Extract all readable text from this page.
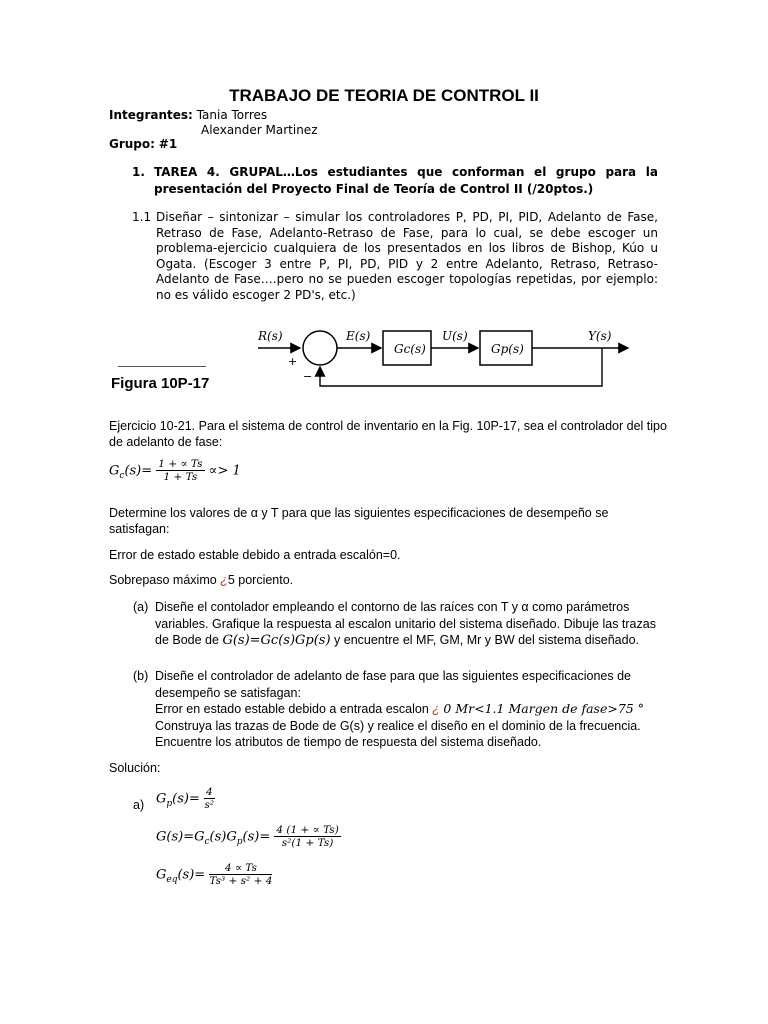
TRABAJO DE TEORIA DE CONTROL II
Integrantes: Tania Torres
Alexander Martinez
Grupo: #1
1. TAREA 4. GRUPAL…Los estudiantes que conforman el grupo para la presentación del Proyecto Final de Teoría de Control II (/20ptos.)
1.1 Diseñar – sintonizar – simular los controladores P, PD, PI, PID, Adelanto de Fase, Retraso de Fase, Adelanto-Retraso de Fase, para lo cual, se debe escoger un problema-ejercicio cualquiera de los presentados en los libros de Bishop, Kúo u Ogata. (Escoger 3 entre P, PI, PD, PID y 2 entre Adelanto, Retraso, Retraso-Adelanto de Fase….pero no se pueden escoger topologías repetidas, por ejemplo: no es válido escoger 2 PD's, etc.)
R(s)
+
−
E(s)
Gc(s)
U(s)
Gp(s)
Y(s)
Figura 10P-17
Ejercicio 10-21. Para el sistema de control de inventario en la Fig. 10P-17, sea el controlador del tipo de adelanto de fase:
$G_c(s)= \frac{1 + \propto Ts}{1 + Ts} \propto> 1$
Determine los valores de α y T para que las siguientes especificaciones de desempeño se satisfagan:
Error de estado estable debido a entrada escalón=0.
Sobrepaso máximo ¿5 porciento.
(a) Diseñe el contolador empleando el contorno de las raíces con T y α como parámetros variables. Grafique la respuesta al escalon unitario del sistema diseñado. Dibuje las trazas de Bode de G(s)=Gc(s)Gp(s) y encuentre el MF, GM, Mr y BW del sistema diseñado.
(b) Diseñe el controlador de adelanto de fase para que las siguientes especificaciones de desempeño se satisfagan:
Error en estado estable debido a entrada escalon ¿ 0 Mr<1.1 Margen de fase>75 °
Construya las trazas de Bode de G(s) y realice el diseño en el dominio de la frecuencia.
Encuentre los atributos de tiempo de respuesta del sistema diseñado.
Solución:
a) $G_p(s)= \frac{4}{\text{s²}}$
$G(s)=G_c(s)G_p(s)= \frac{4 (1 + \propto Ts)}{\text{s²(1 + Ts)}}$
$G_{eq}(s)= \frac{4 \propto Ts}{\text{Ts³ + s² + 4}}$
